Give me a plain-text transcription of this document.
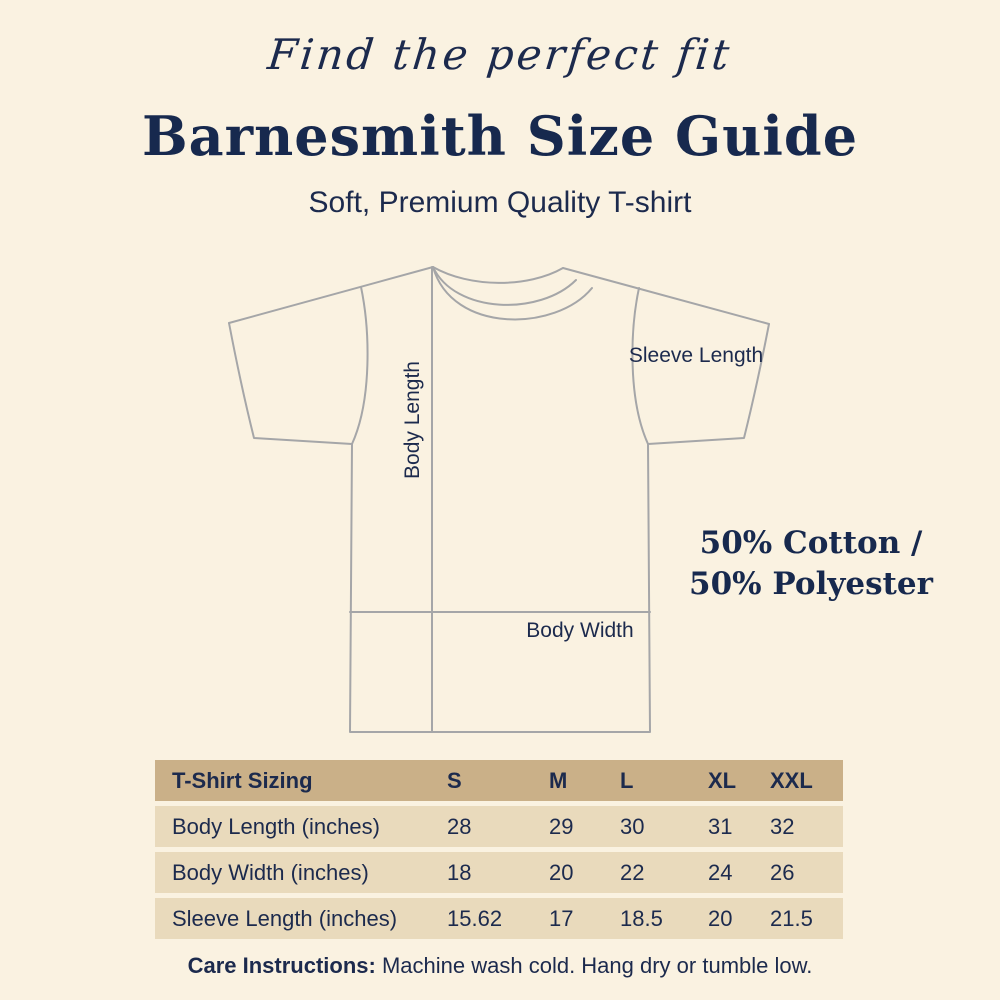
Find the perfect fit
Barnesmith Size Guide
Soft, Premium Quality T-shirt
Body Length
Sleeve Length
Body Width
50% Cotton /
50% Polyester
T-Shirt Sizing	S	M	L	XL	XXL
Body Length (inches)	28	29	30	31	32
Body Width (inches)	18	20	22	24	26
Sleeve Length (inches)	15.62	17	18.5	20	21.5
Care Instructions: Machine wash cold. Hang dry or tumble low.
